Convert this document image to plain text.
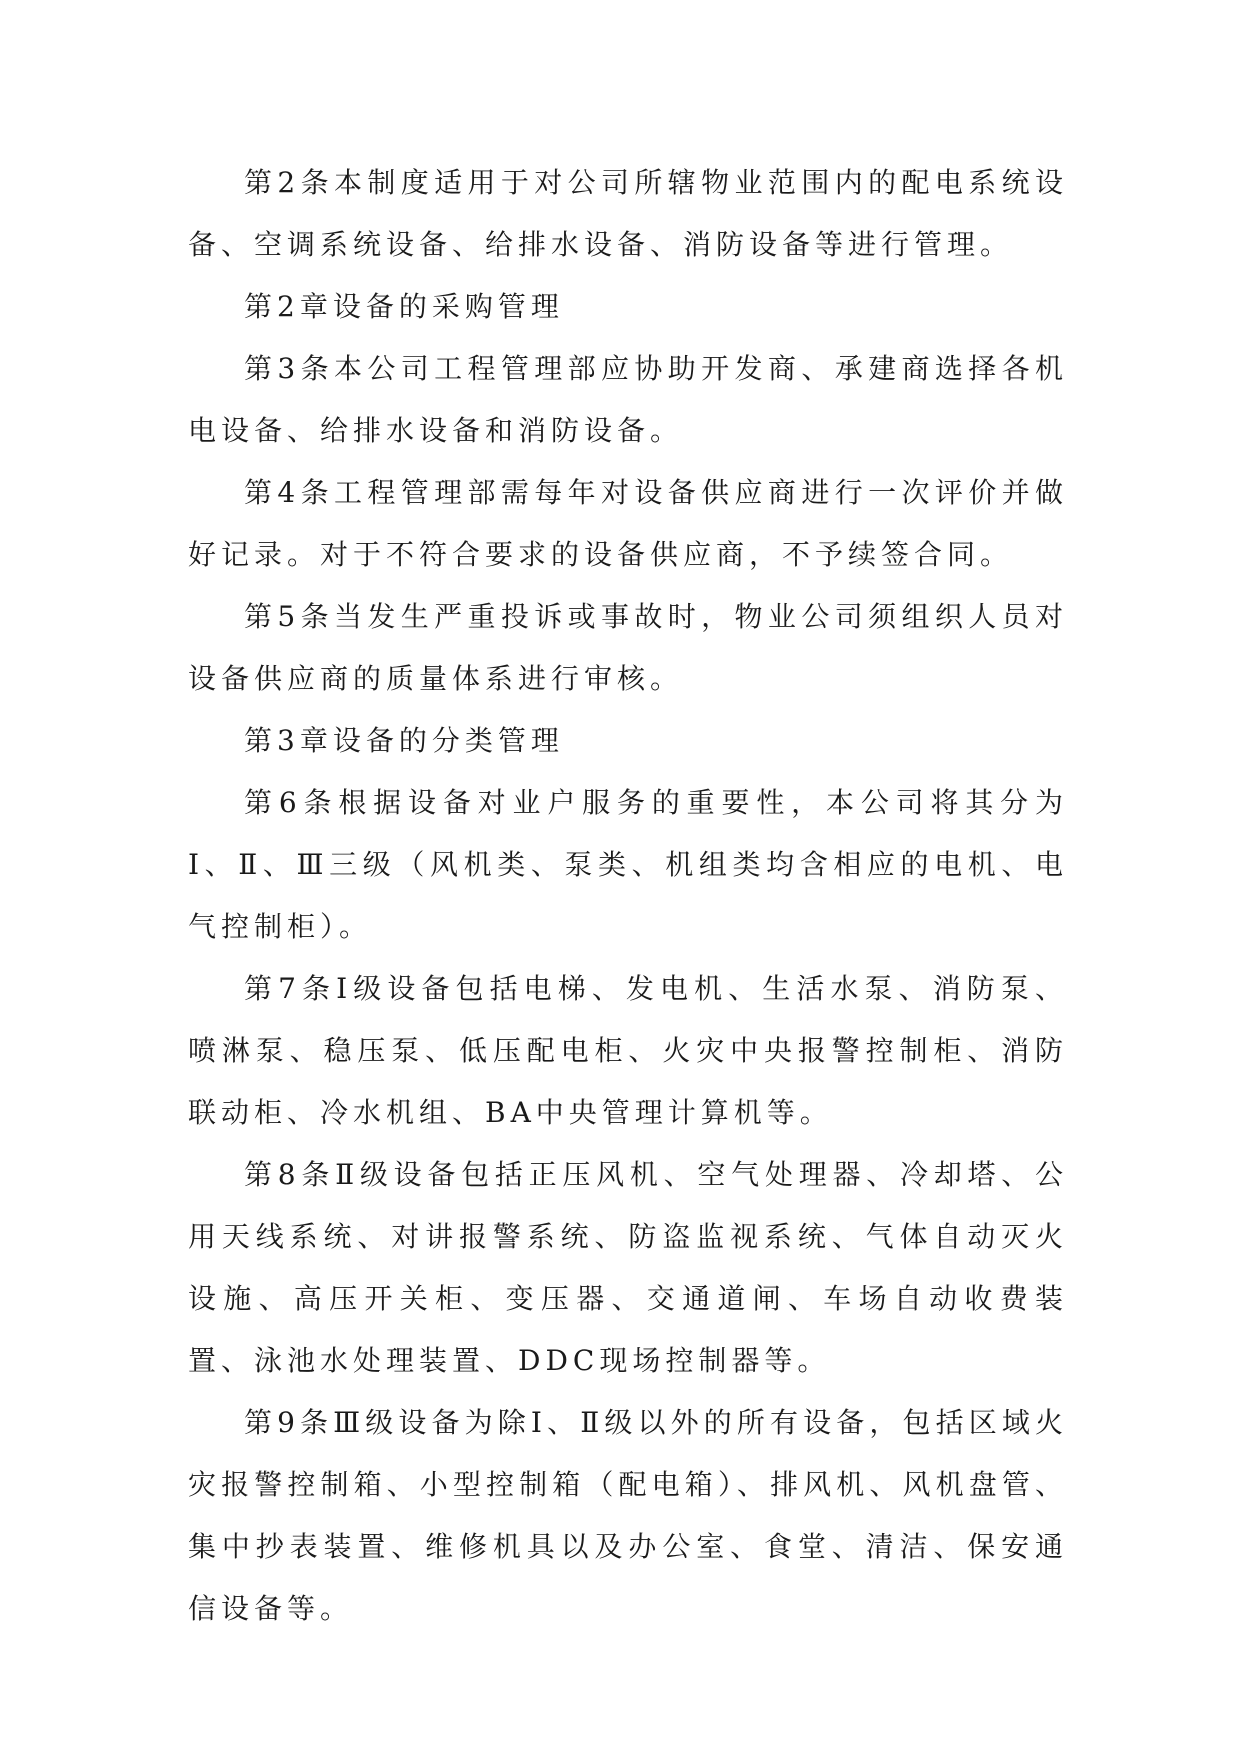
第2条本制度适用于对公司所辖物业范围内的配电系统设备、空调系统设备、给排水设备、消防设备等进行管理。

第2章设备的采购管理

第3条本公司工程管理部应协助开发商、承建商选择各机电设备、给排水设备和消防设备。

第4条工程管理部需每年对设备供应商进行一次评价并做好记录。对于不符合要求的设备供应商，不予续签合同。

第5条当发生严重投诉或事故时，物业公司须组织人员对设备供应商的质量体系进行审核。

第3章设备的分类管理

第6条根据设备对业户服务的重要性，本公司将其分为Ⅰ、Ⅱ、Ⅲ三级（风机类、泵类、机组类均含相应的电机、电气控制柜）。

第7条Ⅰ级设备包括电梯、发电机、生活水泵、消防泵、喷淋泵、稳压泵、低压配电柜、火灾中央报警控制柜、消防联动柜、冷水机组、BA中央管理计算机等。

第8条Ⅱ级设备包括正压风机、空气处理器、冷却塔、公用天线系统、对讲报警系统、防盗监视系统、气体自动灭火设施、高压开关柜、变压器、交通道闸、车场自动收费装置、泳池水处理装置、DDC现场控制器等。

第9条Ⅲ级设备为除Ⅰ、Ⅱ级以外的所有设备，包括区域火灾报警控制箱、小型控制箱（配电箱）、排风机、风机盘管、集中抄表装置、维修机具以及办公室、食堂、清洁、保安通信设备等。
